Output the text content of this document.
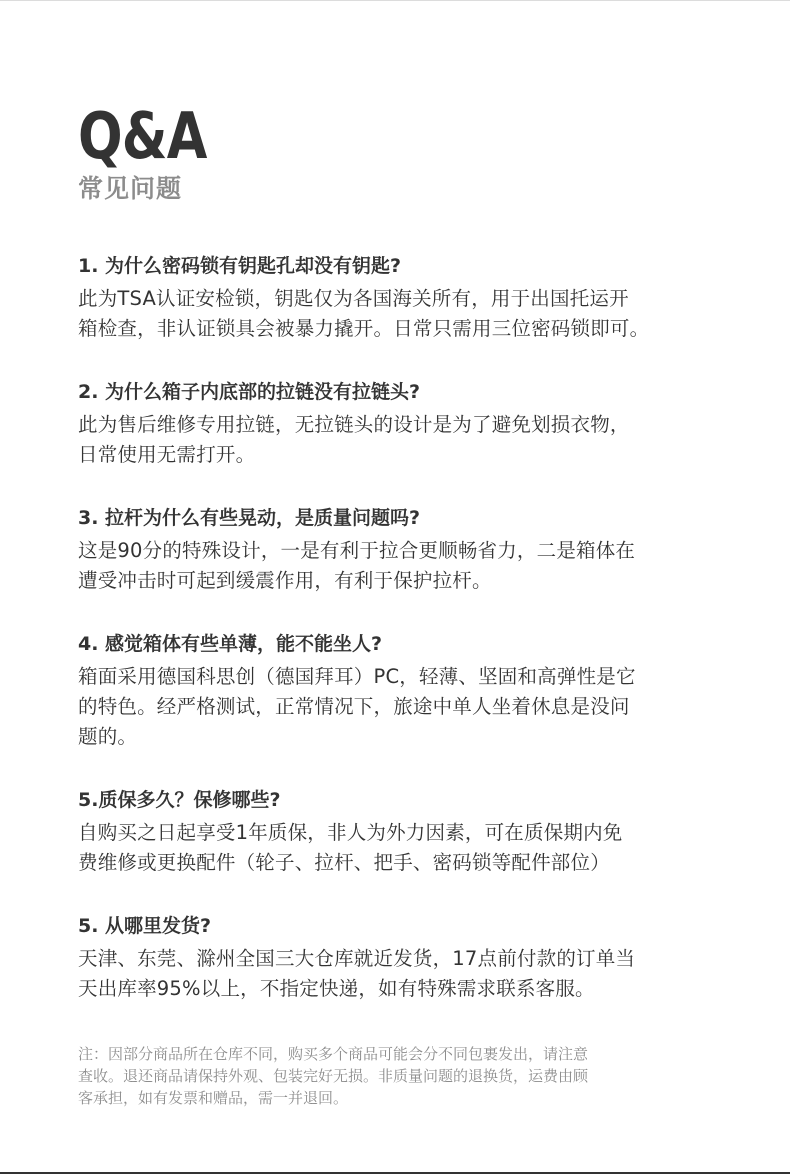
Q&A
常见问题
1. 为什么密码锁有钥匙孔却没有钥匙?
此为TSA认证安检锁，钥匙仅为各国海关所有，用于出国托运开
箱检查，非认证锁具会被暴力撬开。日常只需用三位密码锁即可。
2. 为什么箱子内底部的拉链没有拉链头?
此为售后维修专用拉链，无拉链头的设计是为了避免划损衣物，
日常使用无需打开。
3. 拉杆为什么有些晃动，是质量问题吗?
这是90分的特殊设计，一是有利于拉合更顺畅省力，二是箱体在
遭受冲击时可起到缓震作用，有利于保护拉杆。
4. 感觉箱体有些单薄，能不能坐人?
箱面采用德国科思创（德国拜耳）PC，轻薄、坚固和高弹性是它
的特色。经严格测试，正常情况下，旅途中单人坐着休息是没问
题的。
5.质保多久？保修哪些?
自购买之日起享受1年质保，非人为外力因素，可在质保期内免
费维修或更换配件（轮子、拉杆、把手、密码锁等配件部位）
5. 从哪里发货?
天津、东莞、滁州全国三大仓库就近发货，17点前付款的订单当
天出库率95%以上，不指定快递，如有特殊需求联系客服。
注：因部分商品所在仓库不同，购买多个商品可能会分不同包裹发出，请注意
查收。退还商品请保持外观、包装完好无损。非质量问题的退换货，运费由顾
客承担，如有发票和赠品，需一并退回。
